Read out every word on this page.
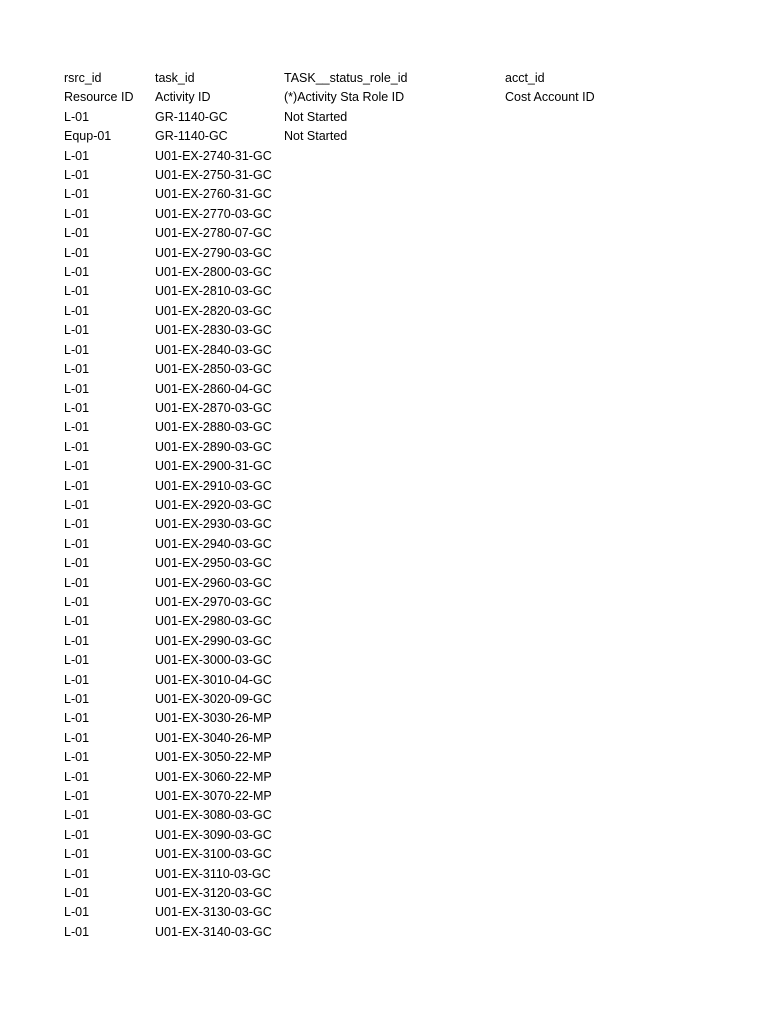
rsrc_id	task_id	TASK__status_role_id	acct_id
Resource ID	Activity ID	(*)Activity Sta Role ID	Cost Account ID
L-01	GR-1140-GC	Not Started	
Equp-01	GR-1140-GC	Not Started	
L-01	U01-EX-2740-31-GC		
L-01	U01-EX-2750-31-GC		
L-01	U01-EX-2760-31-GC		
L-01	U01-EX-2770-03-GC		
L-01	U01-EX-2780-07-GC		
L-01	U01-EX-2790-03-GC		
L-01	U01-EX-2800-03-GC		
L-01	U01-EX-2810-03-GC		
L-01	U01-EX-2820-03-GC		
L-01	U01-EX-2830-03-GC		
L-01	U01-EX-2840-03-GC		
L-01	U01-EX-2850-03-GC		
L-01	U01-EX-2860-04-GC		
L-01	U01-EX-2870-03-GC		
L-01	U01-EX-2880-03-GC		
L-01	U01-EX-2890-03-GC		
L-01	U01-EX-2900-31-GC		
L-01	U01-EX-2910-03-GC		
L-01	U01-EX-2920-03-GC		
L-01	U01-EX-2930-03-GC		
L-01	U01-EX-2940-03-GC		
L-01	U01-EX-2950-03-GC		
L-01	U01-EX-2960-03-GC		
L-01	U01-EX-2970-03-GC		
L-01	U01-EX-2980-03-GC		
L-01	U01-EX-2990-03-GC		
L-01	U01-EX-3000-03-GC		
L-01	U01-EX-3010-04-GC		
L-01	U01-EX-3020-09-GC		
L-01	U01-EX-3030-26-MP		
L-01	U01-EX-3040-26-MP		
L-01	U01-EX-3050-22-MP		
L-01	U01-EX-3060-22-MP		
L-01	U01-EX-3070-22-MP		
L-01	U01-EX-3080-03-GC		
L-01	U01-EX-3090-03-GC		
L-01	U01-EX-3100-03-GC		
L-01	U01-EX-3110-03-GC		
L-01	U01-EX-3120-03-GC		
L-01	U01-EX-3130-03-GC		
L-01	U01-EX-3140-03-GC		
